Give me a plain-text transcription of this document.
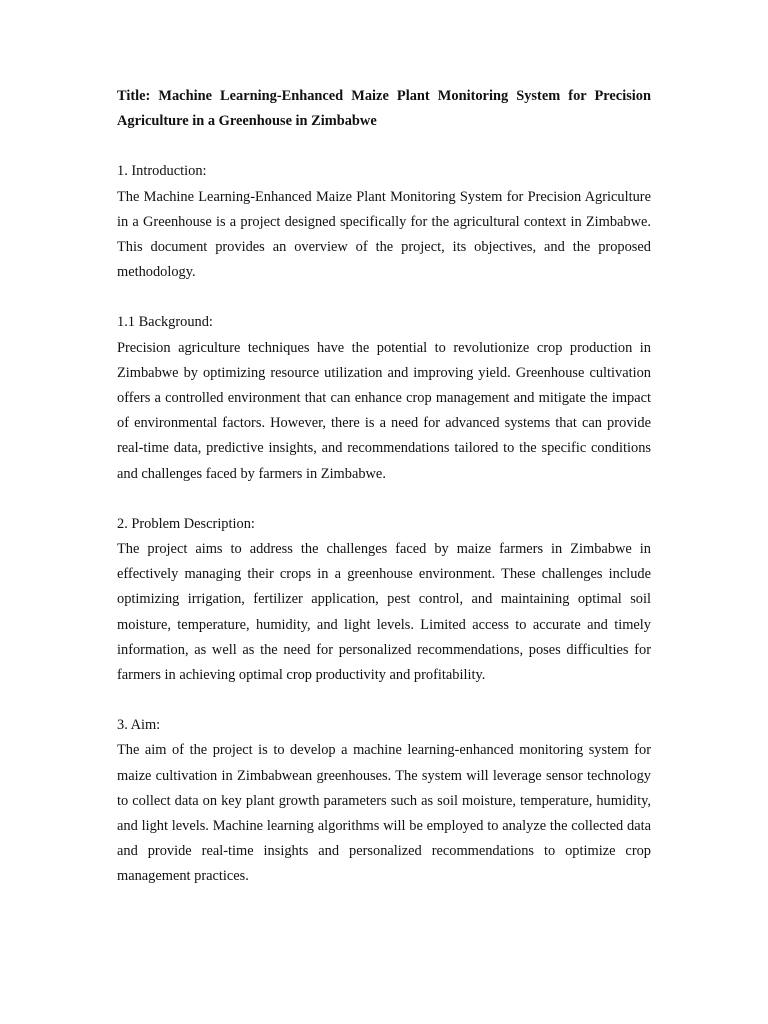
Title: Machine Learning-Enhanced Maize Plant Monitoring System for Precision Agriculture in a Greenhouse in Zimbabwe

1. Introduction:

The Machine Learning-Enhanced Maize Plant Monitoring System for Precision Agriculture in a Greenhouse is a project designed specifically for the agricultural context in Zimbabwe. This document provides an overview of the project, its objectives, and the proposed methodology.

1.1 Background:

Precision agriculture techniques have the potential to revolutionize crop production in Zimbabwe by optimizing resource utilization and improving yield. Greenhouse cultivation offers a controlled environment that can enhance crop management and mitigate the impact of environmental factors. However, there is a need for advanced systems that can provide real-time data, predictive insights, and recommendations tailored to the specific conditions and challenges faced by farmers in Zimbabwe.

2. Problem Description:

The project aims to address the challenges faced by maize farmers in Zimbabwe in effectively managing their crops in a greenhouse environment. These challenges include optimizing irrigation, fertilizer application, pest control, and maintaining optimal soil moisture, temperature, humidity, and light levels. Limited access to accurate and timely information, as well as the need for personalized recommendations, poses difficulties for farmers in achieving optimal crop productivity and profitability.

3. Aim:

The aim of the project is to develop a machine learning-enhanced monitoring system for maize cultivation in Zimbabwean greenhouses. The system will leverage sensor technology to collect data on key plant growth parameters such as soil moisture, temperature, humidity, and light levels. Machine learning algorithms will be employed to analyze the collected data and provide real-time insights and personalized recommendations to optimize crop management practices.
